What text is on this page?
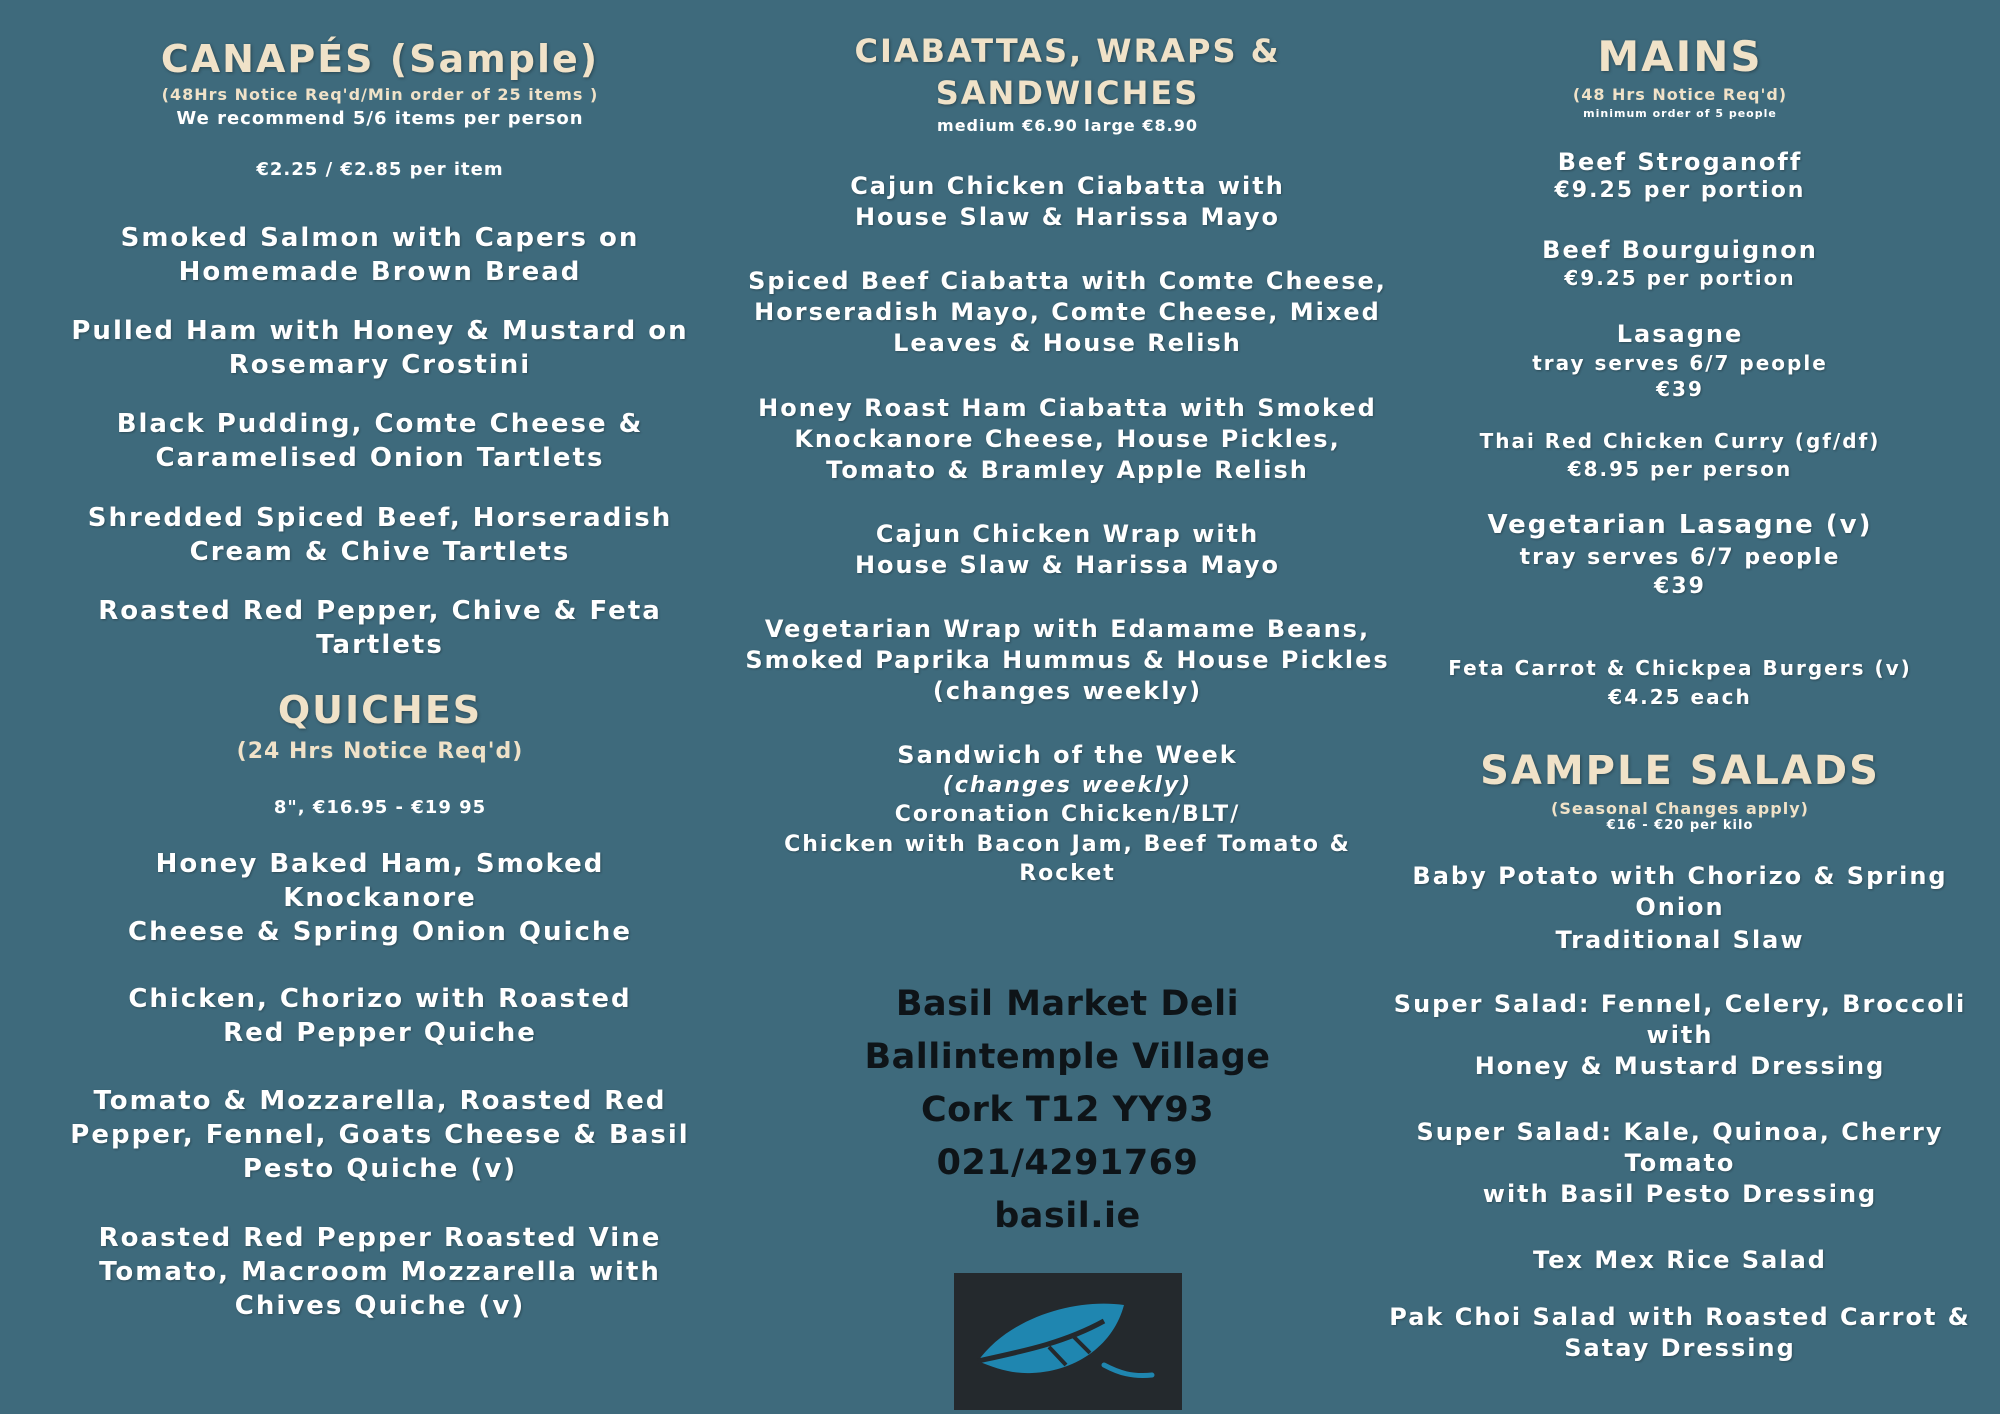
CANAPÉS (Sample)

(48Hrs Notice Req'd/Min order of 25 items )

We recommend 5/6 items per person

€2.25 / €2.85 per item

Smoked Salmon with Capers on
Homemade Brown Bread

Pulled Ham with Honey & Mustard on
Rosemary Crostini

Black Pudding, Comte Cheese &
Caramelised Onion Tartlets

Shredded Spiced Beef, Horseradish
Cream & Chive Tartlets

Roasted Red Pepper, Chive & Feta
Tartlets

QUICHES

(24 Hrs Notice Req'd)

8", €16.95 - €19 95

Honey Baked Ham, Smoked
Knockanore
Cheese & Spring Onion Quiche

Chicken, Chorizo with Roasted
Red Pepper Quiche

Tomato & Mozzarella, Roasted Red
Pepper, Fennel, Goats Cheese & Basil
Pesto Quiche (v)

Roasted Red Pepper Roasted Vine
Tomato, Macroom Mozzarella with
Chives Quiche (v)

CIABATTAS, WRAPS &
SANDWICHES

medium €6.90 large €8.90

Cajun Chicken Ciabatta with
House Slaw & Harissa Mayo

Spiced Beef Ciabatta with Comte Cheese,
Horseradish Mayo, Comte Cheese, Mixed
Leaves & House Relish

Honey Roast Ham Ciabatta with Smoked
Knockanore Cheese, House Pickles,
Tomato & Bramley Apple Relish

Cajun Chicken Wrap with
House Slaw & Harissa Mayo

Vegetarian Wrap with Edamame Beans,
Smoked Paprika Hummus & House Pickles
(changes weekly)

Sandwich of the Week

(changes weekly)

Coronation Chicken/BLT/
Chicken with Bacon Jam, Beef Tomato &
Rocket

Basil Market Deli
Ballintemple Village
Cork T12 YY93
021/4291769
basil.ie
MAINS

(48 Hrs Notice Req'd)

minimum order of 5 people

Beef Stroganoff

€9.25 per portion

Beef Bourguignon

€9.25 per portion

Lasagne

tray serves 6/7 people
€39

Thai Red Chicken Curry (gf/df)

€8.95 per person

Vegetarian Lasagne (v)

tray serves 6/7 people
€39

Feta Carrot & Chickpea Burgers (v)

€4.25 each

SAMPLE SALADS

(Seasonal Changes apply)

€16 - €20 per kilo

Baby Potato with Chorizo & Spring Onion

Traditional Slaw

Super Salad: Fennel, Celery, Broccoli
with
Honey & Mustard Dressing

Super Salad: Kale, Quinoa, Cherry
Tomato
with Basil Pesto Dressing

Tex Mex Rice Salad

Pak Choi Salad with Roasted Carrot &
Satay Dressing
